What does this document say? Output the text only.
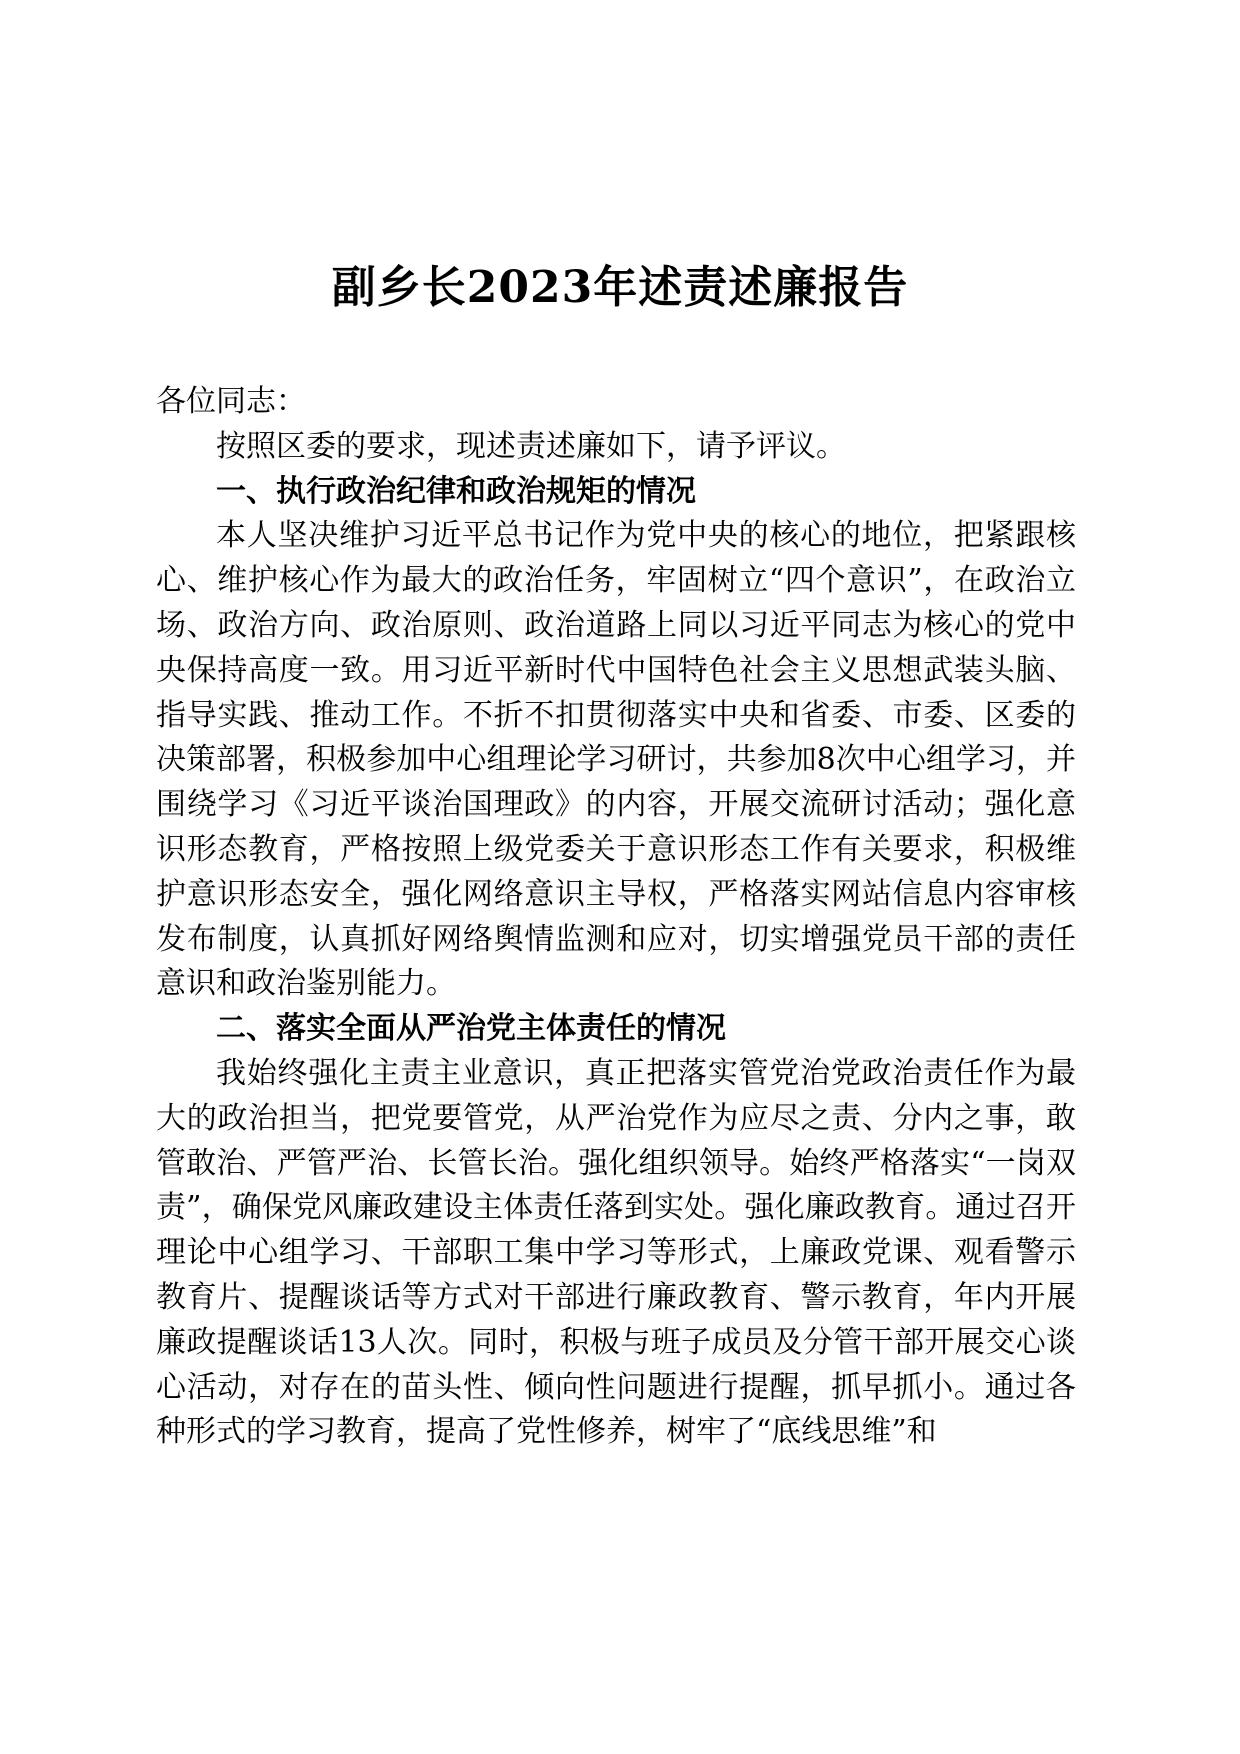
副乡长2023年述责述廉报告

各位同志：

按照区委的要求，现述责述廉如下，请予评议。

一、执行政治纪律和政治规矩的情况

本人坚决维护习近平总书记作为党中央的核心的地位，把紧跟核心、维护核心作为最大的政治任务，牢固树立“四个意识”，在政治立场、政治方向、政治原则、政治道路上同以习近平同志为核心的党中央保持高度一致。用习近平新时代中国特色社会主义思想武装头脑、指导实践、推动工作。不折不扣贯彻落实中央和省委、市委、区委的决策部署，积极参加中心组理论学习研讨，共参加8次中心组学习，并围绕学习《习近平谈治国理政》的内容，开展交流研讨活动；强化意识形态教育，严格按照上级党委关于意识形态工作有关要求，积极维护意识形态安全，强化网络意识主导权，严格落实网站信息内容审核发布制度，认真抓好网络舆情监测和应对，切实增强党员干部的责任意识和政治鉴别能力。

二、落实全面从严治党主体责任的情况

我始终强化主责主业意识，真正把落实管党治党政治责任作为最大的政治担当，把党要管党，从严治党作为应尽之责、分内之事，敢管敢治、严管严治、长管长治。强化组织领导。始终严格落实“一岗双责”，确保党风廉政建设主体责任落到实处。强化廉政教育。通过召开理论中心组学习、干部职工集中学习等形式，上廉政党课、观看警示教育片、提醒谈话等方式对干部进行廉政教育、警示教育，年内开展廉政提醒谈话13人次。同时，积极与班子成员及分管干部开展交心谈心活动，对存在的苗头性、倾向性问题进行提醒，抓早抓小。通过各种形式的学习教育，提高了党性修养，树牢了“底线思维”和
